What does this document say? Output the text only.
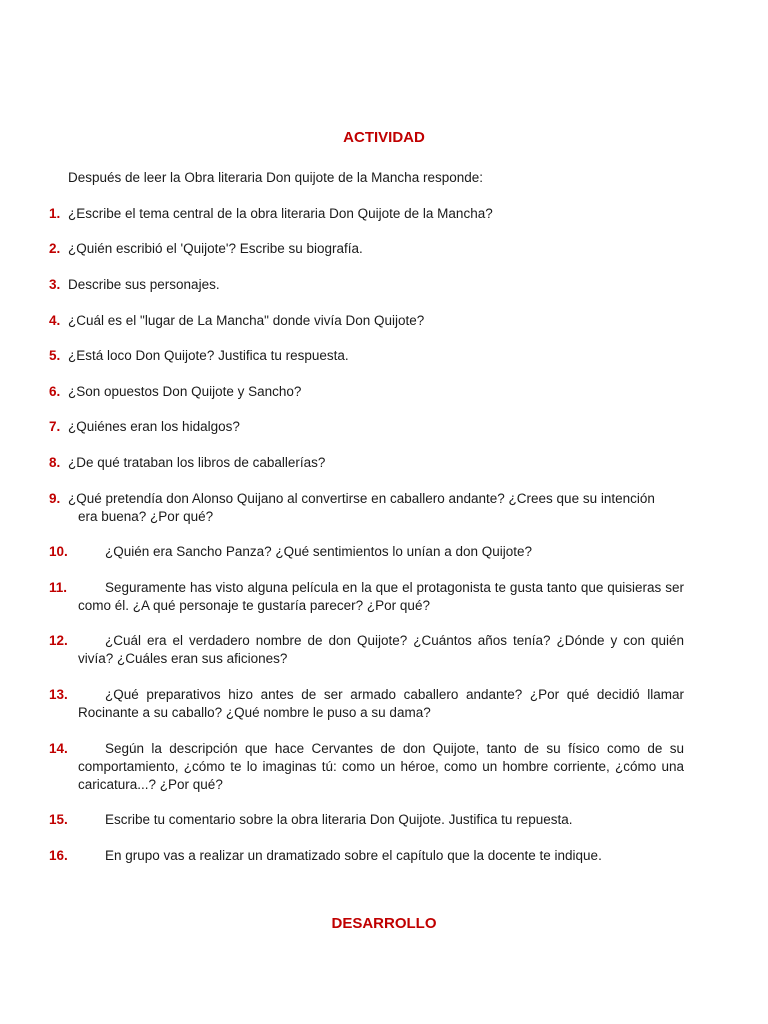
ACTIVIDAD
Después de leer la Obra literaria Don quijote de la Mancha responde:
1. ¿Escribe el tema central de la obra literaria Don Quijote de la Mancha?
2. ¿Quién escribió el 'Quijote'? Escribe su biografía.
3. Describe sus personajes.
4. ¿Cuál es el "lugar de La Mancha" donde vivía Don Quijote?
5. ¿Está loco Don Quijote? Justifica tu respuesta.
6. ¿Son opuestos Don Quijote y Sancho?
7. ¿Quiénes eran los hidalgos?
8. ¿De qué trataban los libros de caballerías?
9. ¿Qué pretendía don Alonso Quijano al convertirse en caballero andante? ¿Crees que su intención
era buena? ¿Por qué?
10.	¿Quién era Sancho Panza? ¿Qué sentimientos lo unían a don Quijote?
11.	Seguramente has visto alguna película en la que el protagonista te gusta tanto que quisieras ser como él. ¿A qué personaje te gustaría parecer? ¿Por qué?
12.	¿Cuál era el verdadero nombre de don Quijote? ¿Cuántos años tenía? ¿Dónde y con quién vivía? ¿Cuáles eran sus aficiones?
13.	¿Qué preparativos hizo antes de ser armado caballero andante? ¿Por qué decidió llamar Rocinante a su caballo? ¿Qué nombre le puso a su dama?
14.	Según la descripción que hace Cervantes de don Quijote, tanto de su físico como de su comportamiento, ¿cómo te lo imaginas tú: como un héroe, como un hombre corriente, ¿cómo una caricatura...? ¿Por qué?
15.	Escribe tu comentario sobre la obra literaria Don Quijote. Justifica tu repuesta.
16.	En grupo vas a realizar un dramatizado sobre el capítulo que la docente te indique.
DESARROLLO
